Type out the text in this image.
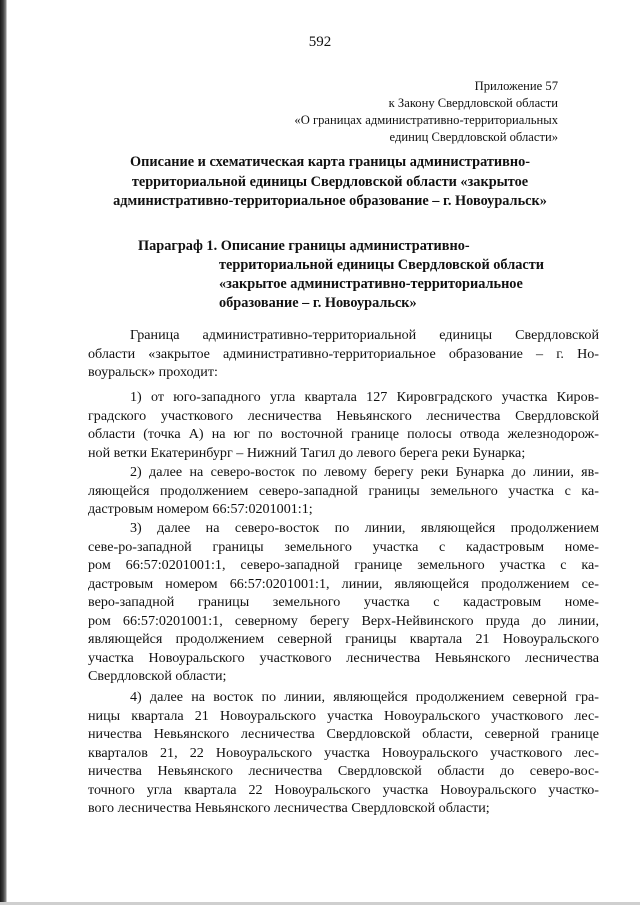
592
Приложение 57
к Закону Свердловской области
«О границах административно-территориальных
единиц Свердловской области»
Описание и схематическая карта границы административно-
территориальной единицы Свердловской области «закрытое
административно-территориальное образование – г. Новоуральск»
Параграф 1. Описание границы административно-
территориальной единицы Свердловской области
«закрытое административно-территориальное
образование – г. Новоуральск»
Граница административно-территориальной единицы Свердловской
области «закрытое административно-территориальное образование – г. Но-
воуральск» проходит:
1) от юго-западного угла квартала 127 Кировградского участка Киров-
градского участкового лесничества Невьянского лесничества Свердловской
области (точка А) на юг по восточной границе полосы отвода железнодорож-
ной ветки Екатеринбург – Нижний Тагил до левого берега реки Бунарка;
2) далее на северо-восток по левому берегу реки Бунарка до линии, яв-
ляющейся продолжением северо-западной границы земельного участка с ка-
дастровым номером 66:57:0201001:1;
3) далее на северо-восток по линии, являющейся продолжением
севе-ро-западной границы земельного участка с кадастровым номе-
ром 66:57:0201001:1, северо-западной границе земельного участка с ка-
дастровым номером 66:57:0201001:1, линии, являющейся продолжением се-
веро-западной границы земельного участка с кадастровым номе-
ром 66:57:0201001:1, северному берегу Верх-Нейвинского пруда до линии,
являющейся продолжением северной границы квартала 21 Новоуральского
участка Новоуральского участкового лесничества Невьянского лесничества
Свердловской области;
4) далее на восток по линии, являющейся продолжением северной гра-
ницы квартала 21 Новоуральского участка Новоуральского участкового лес-
ничества Невьянского лесничества Свердловской области, северной границе
кварталов 21, 22 Новоуральского участка Новоуральского участкового лес-
ничества Невьянского лесничества Свердловской области до северо-вос-
точного угла квартала 22 Новоуральского участка Новоуральского участко-
вого лесничества Невьянского лесничества Свердловской области;
